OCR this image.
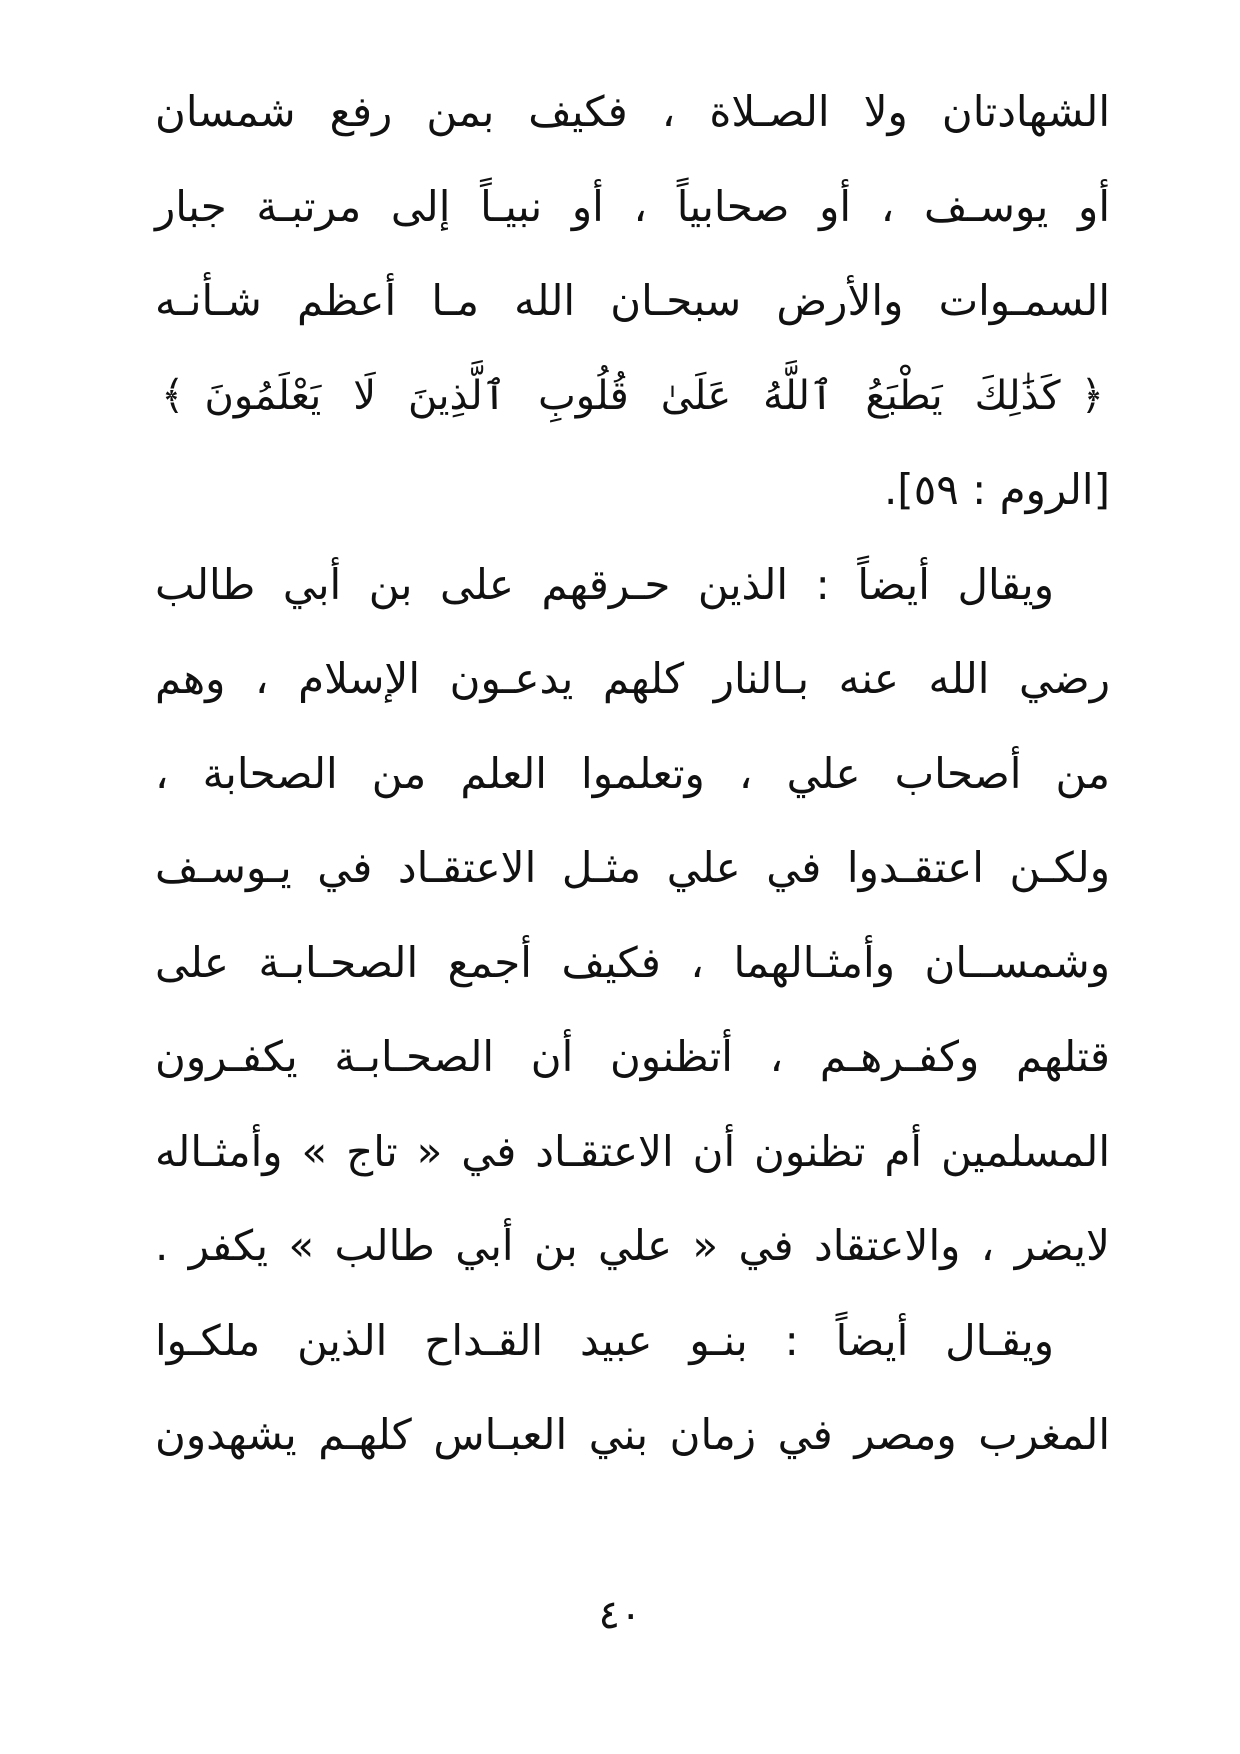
الشهادتان ولا الصـلاة ، فكيف بمن رفع شمسان
أو يوسـف ، أو صحابياً ، أو نبيـاً إلى مرتبـة جبار
السمـوات والأرض سبحـان الله مـا أعظم شـأنـه
﴿
كَذَٰلِكَ يَطْبَعُ ٱللَّهُ عَلَىٰ قُلُوبِ ٱلَّذِينَ لَا يَعْلَمُونَ
﴾
[الروم : ٥٩].
ويقال أيضاً : الذين حـرقهم على بن أبي طالب
رضي الله عنه بـالنار كلهم يدعـون الإسلام ، وهم
من أصحاب علي ، وتعلموا العلم من الصحابة ،
ولكـن اعتقـدوا في علي مثـل الاعتقـاد في يـوسـف
وشمســان وأمثـالهما ، فكيف أجمع الصحـابـة على
قتلهم وكفـرهـم ، أتظنون أن الصحـابـة يكفـرون
المسلمين أم تظنون أن الاعتقـاد في « تاج » وأمثـاله
لايضر ، والاعتقاد في « علي بن أبي طالب » يكفر .
ويقـال أيضاً : بنـو عبيد القـداح الذين ملكـوا
المغرب ومصر في زمان بني العبـاس كلهـم يشهدون
٤٠
